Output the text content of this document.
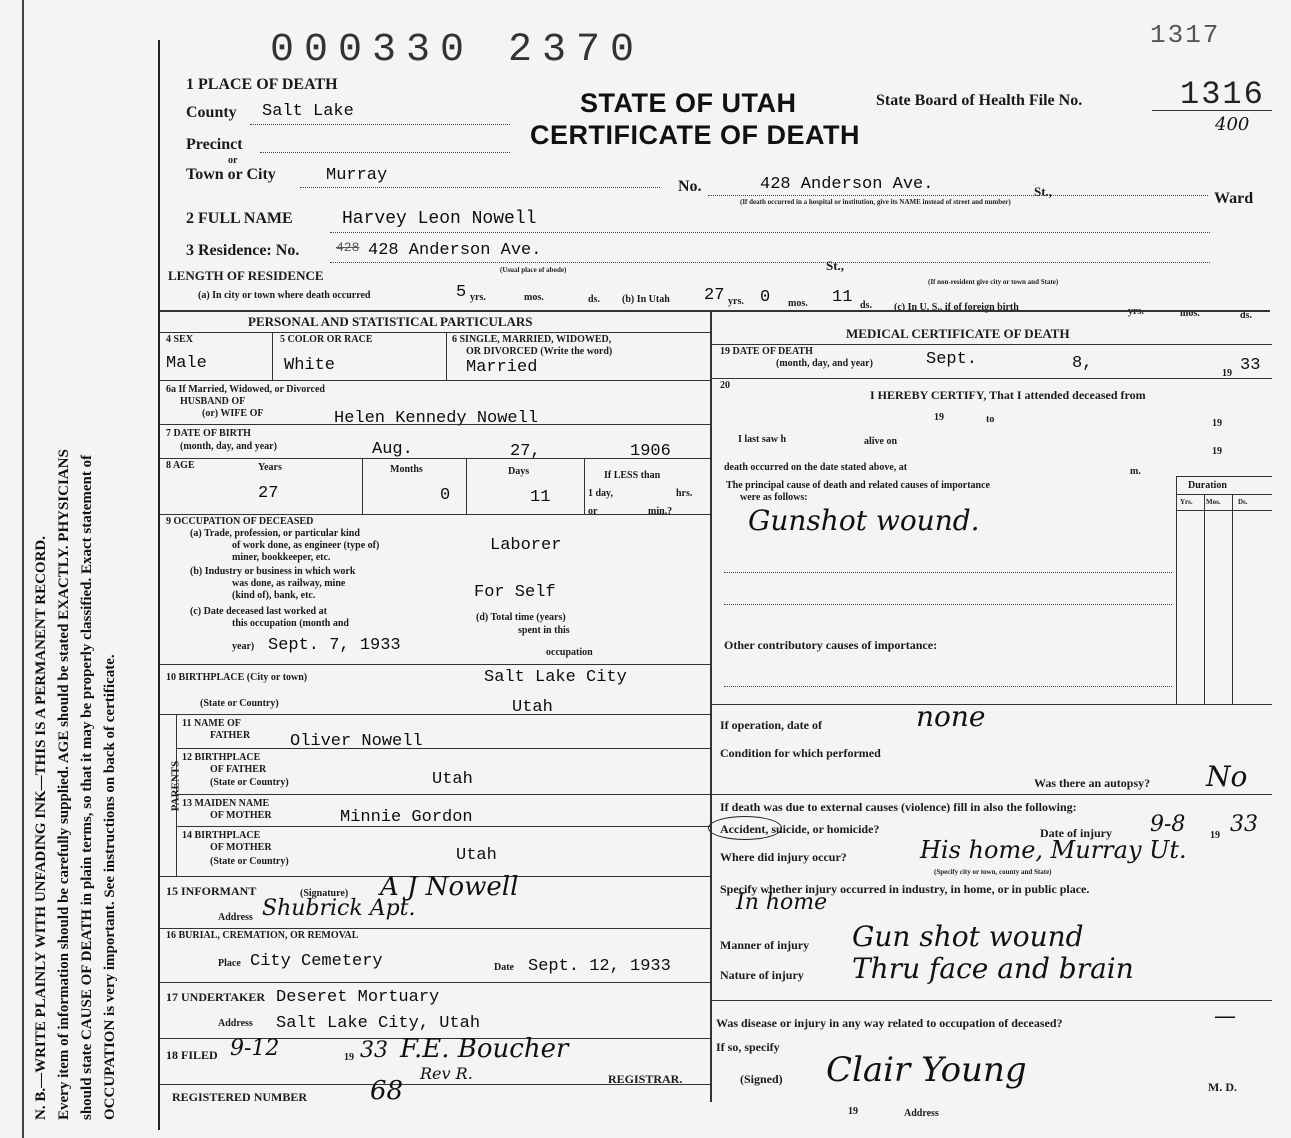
000330 2370	1317
N. B.—WRITE PLAINLY WITH UNFADING INK—THIS IS A PERMANENT RECORD. Every item of information should be carefully supplied. AGE should be stated EXACTLY. PHYSICIANS should state CAUSE OF DEATH in plain terms, so that it may be properly classified. Exact statement of OCCUPATION is very important. See instructions on back of certificate.
1 PLACE OF DEATH
STATE OF UTAH
CERTIFICATE OF DEATH
State Board of Health File No.	1316
400
County Salt Lake
Precinct
or
Town or City	Murray
No.	428 Anderson Ave.	St.,	Ward
(If death occurred in a hospital or institution, give its NAME instead of street and number)
2 FULL NAME	Harvey Leon Nowell
3 Residence: No.	428 428 Anderson Ave.
(Usual place of abode)	St.,
(If non-resident give city or town and State)
LENGTH OF RESIDENCE
(a) In city or town where death occurred	5 yrs.	mos.	ds. (b) In Utah 27 yrs. 0 mos. 11 ds. (c) In U. S., if of foreign birth	yrs.	mos.	ds.
PERSONAL AND STATISTICAL PARTICULARS
MEDICAL CERTIFICATE OF DEATH
4 SEX
Male
5 COLOR OR RACE
White
6 SINGLE, MARRIED, WIDOWED,
OR DIVORCED (Write the word)
Married
6a If Married, Widowed, or Divorced
HUSBAND OF
(or) WIFE OF	Helen Kennedy Nowell
7 DATE OF BIRTH
(month, day, and year)	Aug.	27,	1906
8 AGE	Years	Months	Days	If LESS than
27	0	11	1 day,	hrs.
or	min.?
9 OCCUPATION OF DECEASED
(a) Trade, profession, or particular kind
of work done, as engineer (type of)
miner, bookkeeper, etc.
Laborer
(b) Industry or business in which work
was done, as railway, mine
(kind of), bank, etc.	For Self
(c) Date deceased last worked at
this occupation (month and
year) Sept. 7, 1933
(d) Total time (years)
spent in this
occupation
10 BIRTHPLACE (City or town)	Salt Lake City
(State or Country)	Utah
PARENTS
11 NAME OF
FATHER Oliver Nowell
12 BIRTHPLACE
OF FATHER
(State or Country)	Utah
13 MAIDEN NAME
OF MOTHER	Minnie Gordon
14 BIRTHPLACE
OF MOTHER
(State or Country)	Utah
15 INFORMANT	(Signature) A J Nowell
Address Shubrick Apt.
16 BURIAL, CREMATION, OR REMOVAL
Place City Cemetery	Date Sept. 12, 1933
17 UNDERTAKER Deseret Mortuary
Address Salt Lake City, Utah
18 FILED 9-12	19 33 F.E. Boucher
REGISTRAR.
REGISTERED NUMBER 68
Rev R.
19 DATE OF DEATH
(month, day, and year)	Sept.	8,
19 33
20
I HEREBY CERTIFY, That I attended deceased from
19	to	19
I last saw h	alive on
19
death occurred on the date stated above, at	m.
The principal cause of death and related causes of importance
were as follows:
Duration
Yrs. Mos. Ds.
Gunshot wound.
Other contributory causes of importance:
If operation, date of	none
Condition for which performed
Was there an autopsy? No
If death was due to external causes (violence) fill in also the following:
Accident, suicide, or homicide?	Date of injury 9-8 19 33
Where did injury occur?	His home, Murray Ut.
(Specify city or town, county and State)
Specify whether injury occurred in industry, in home, or in public place.
In home
Manner of injury Gun shot wound
Nature of injury Thru face and brain
Was disease or injury in any way related to occupation of deceased?	—
If so, specify
(Signed) Clair Young	M. D.
19	Address
